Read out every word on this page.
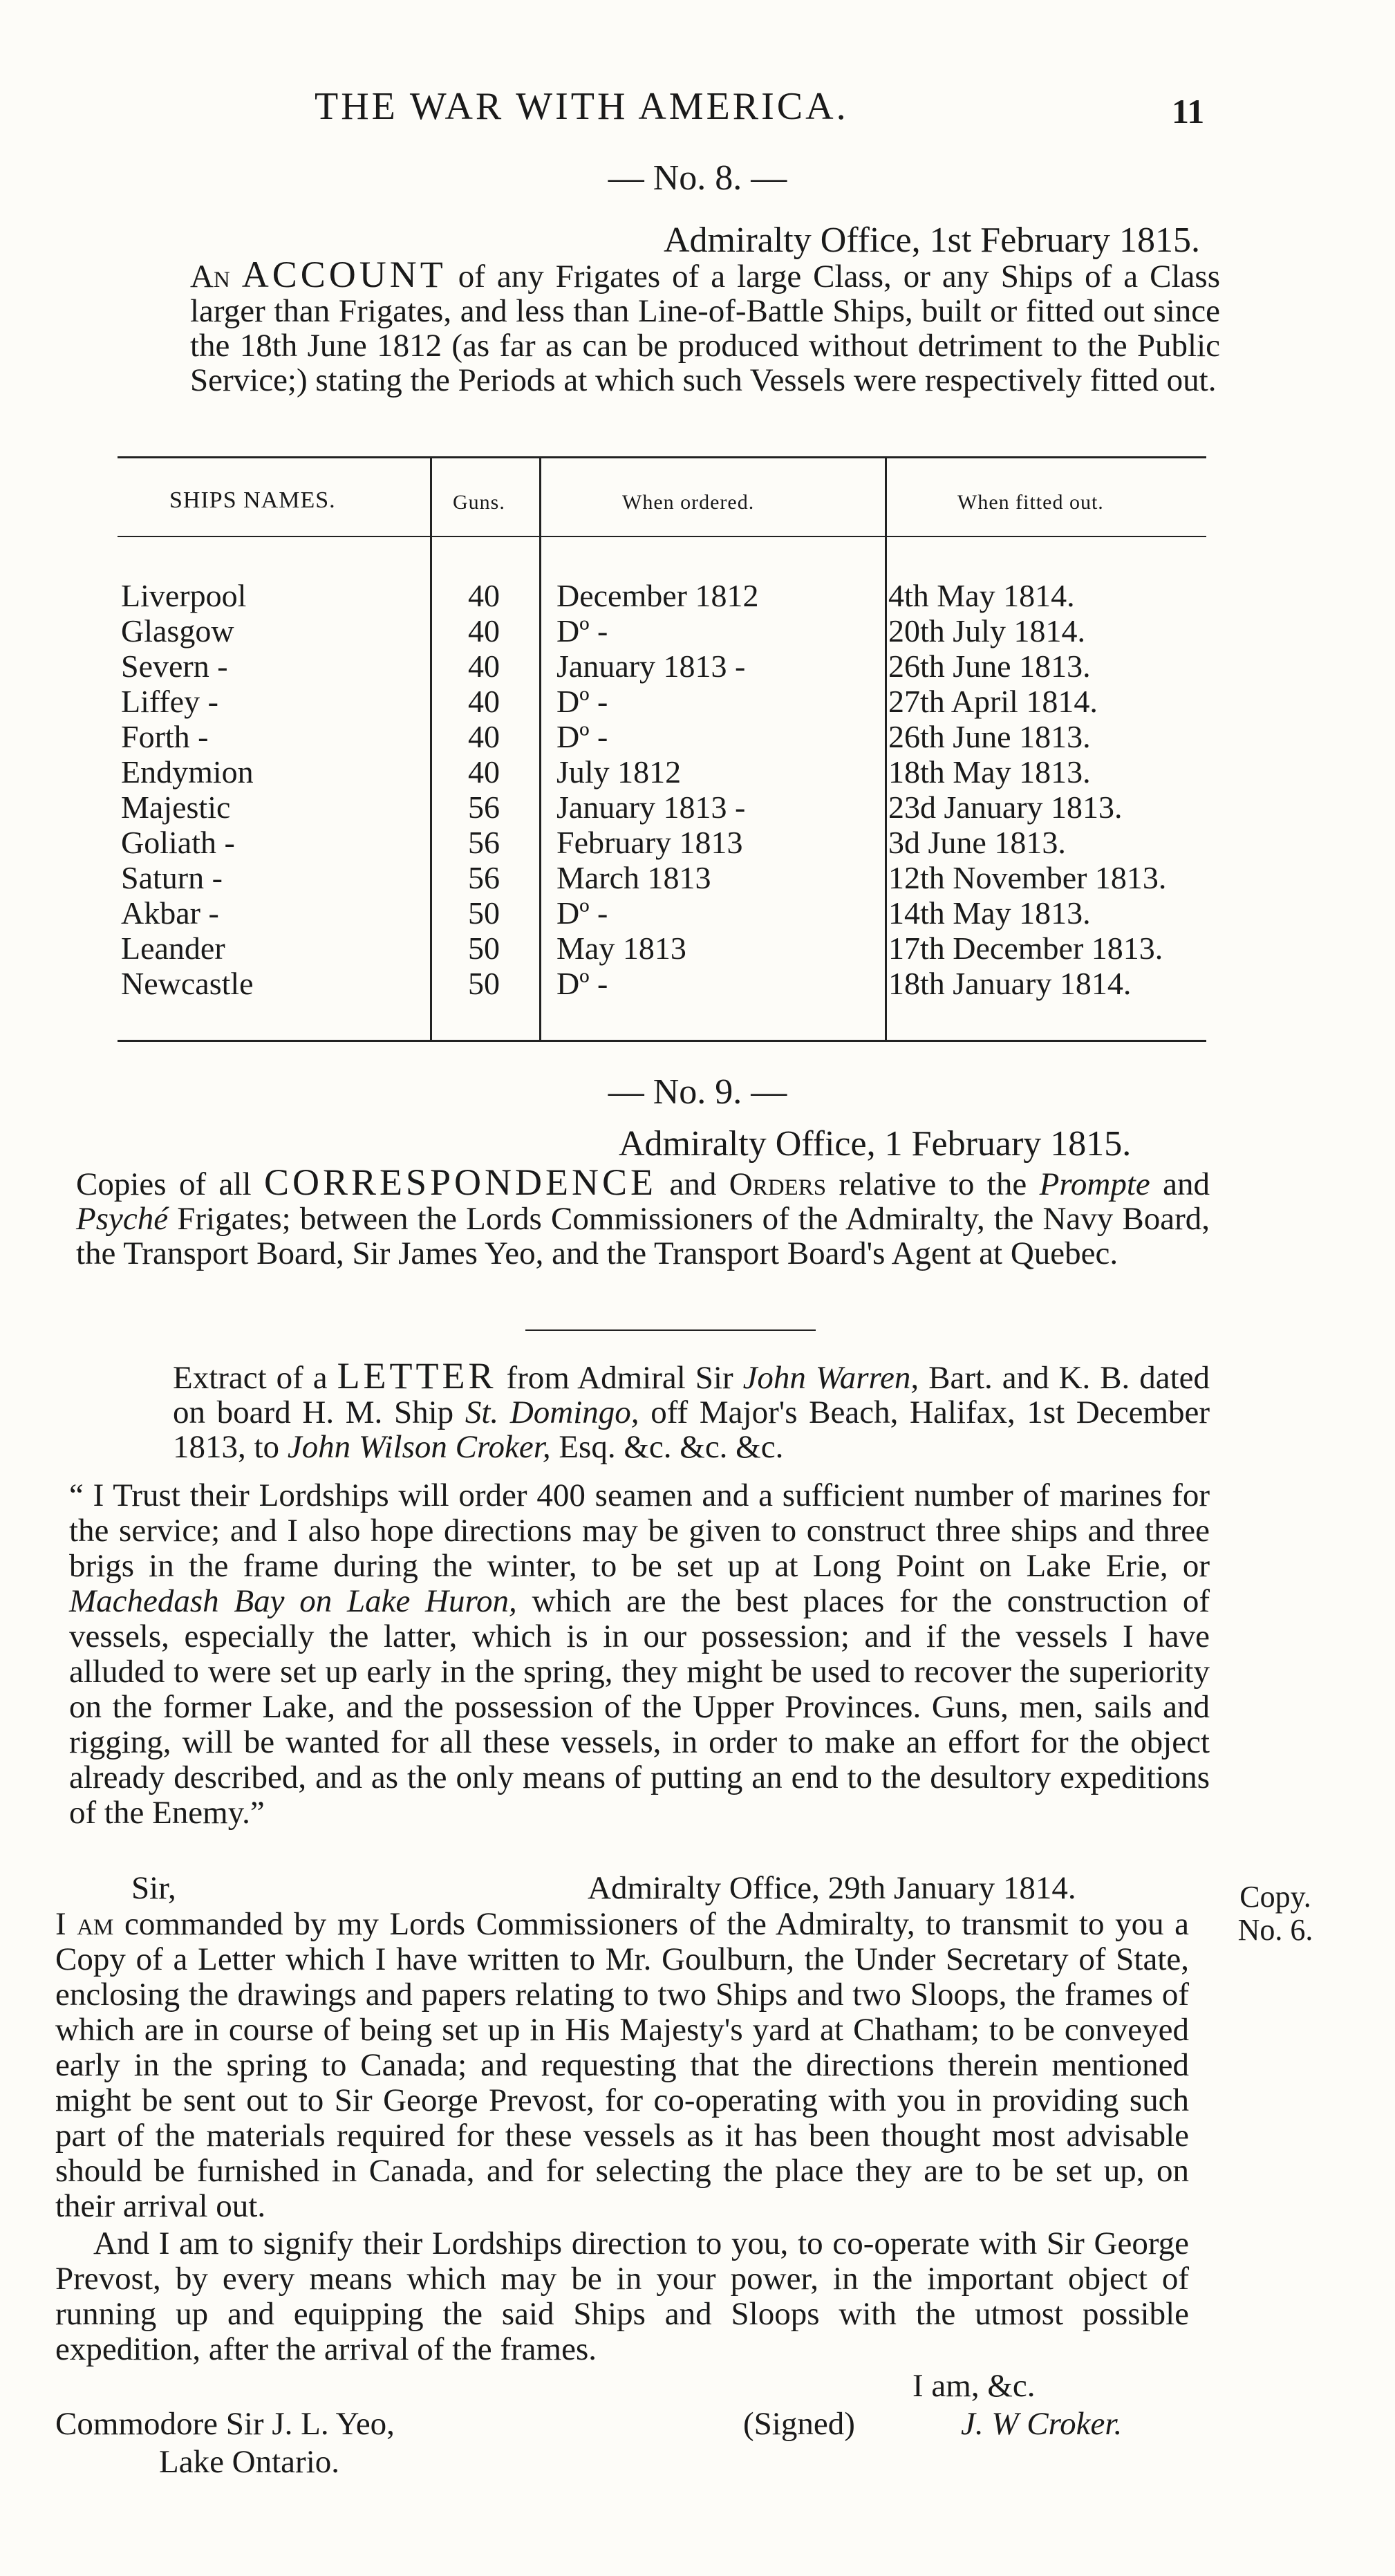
THE WAR WITH AMERICA.	11
— No. 8. —
Admiralty Office, 1st February 1815.
An ACCOUNT of any Frigates of a large Class, or any Ships of a Class larger than Frigates, and less than Line-of-Battle Ships, built or fitted out since the 18th June 1812 (as far as can be produced without detriment to the Public Service;) stating the Periods at which such Vessels were respectively fitted out.
SHIPS NAMES.	Guns.	When ordered.	When fitted out.
Liverpool	40 December 1812	4th May 1814.
Glasgow	40 Dº -	20th July 1814.
Severn -	40 January 1813 -	26th June 1813.
Liffey -	40 Dº -	27th April 1814.
Forth -	40 Dº -	26th June 1813.
Endymion	40 July 1812	18th May 1813.
Majestic	56 January 1813 -	23d January 1813.
Goliath -	56 February 1813	3d June 1813.
Saturn -	56 March 1813	12th November 1813.
Akbar -	50 Dº -	14th May 1813.
Leander	50 May 1813	17th December 1813.
Newcastle	50 Dº -	18th January 1814.
— No. 9. —
Admiralty Office, 1 February 1815.
Copies of all CORRESPONDENCE and Orders relative to the Prompte and Psyché Frigates; between the Lords Commissioners of the Admiralty, the Navy Board, the Transport Board, Sir James Yeo, and the Transport Board's Agent at Quebec.
Extract of a LETTER from Admiral Sir John Warren, Bart. and K. B. dated on board H. M. Ship St. Domingo, off Major's Beach, Halifax, 1st December 1813, to John Wilson Croker, Esq. &c. &c. &c.
“ I Trust their Lordships will order 400 seamen and a sufficient number of marines for the service; and I also hope directions may be given to construct three ships and three brigs in the frame during the winter, to be set up at Long Point on Lake Erie, or Machedash Bay on Lake Huron, which are the best places for the construction of vessels, especially the latter, which is in our possession; and if the vessels I have alluded to were set up early in the spring, they might be used to recover the superiority on the former Lake, and the possession of the Upper Provinces. Guns, men, sails and rigging, will be wanted for all these vessels, in order to make an effort for the object already described, and as the only means of putting an end to the desultory expeditions of the Enemy.”
Sir,	Admiralty Office, 29th January 1814.	Copy.
No. 6.
I am commanded by my Lords Commissioners of the Admiralty, to transmit to you a Copy of a Letter which I have written to Mr. Goulburn, the Under Secretary of State, enclosing the drawings and papers relating to two Ships and two Sloops, the frames of which are in course of being set up in His Majesty's yard at Chatham; to be conveyed early in the spring to Canada; and requesting that the directions therein mentioned might be sent out to Sir George Prevost, for co-operating with you in providing such part of the materials required for these vessels as it has been thought most advisable should be furnished in Canada, and for selecting the place they are to be set up, on their arrival out.
And I am to signify their Lordships direction to you, to co-operate with Sir George Prevost, by every means which may be in your power, in the important object of running up and equipping the said Ships and Sloops with the utmost possible expedition, after the arrival of the frames.
I am, &c.
Commodore Sir J. L. Yeo,
Lake Ontario.
(Signed)	J. W Croker.
